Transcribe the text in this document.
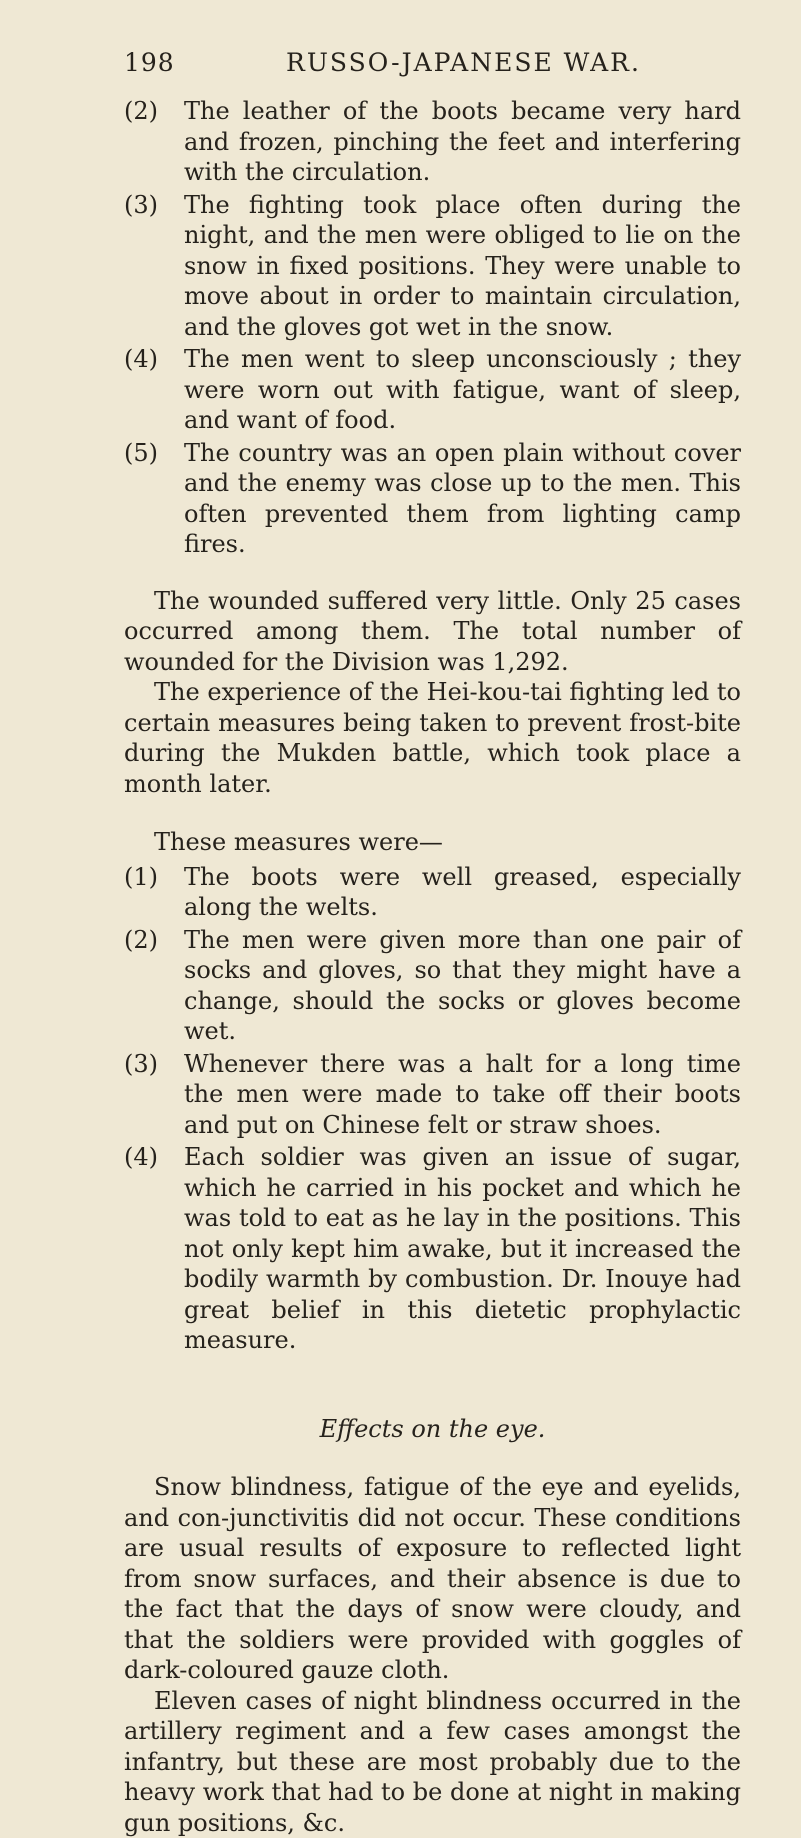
198	RUSSO-JAPANESE WAR.

(2) The leather of the boots became very hard and frozen, pinching the feet and interfering with the circulation.

(3) The fighting took place often during the night, and the men were obliged to lie on the snow in fixed positions. They were unable to move about in order to maintain circulation, and the gloves got wet in the snow.

(4) The men went to sleep unconsciously ; they were worn out with fatigue, want of sleep, and want of food.

(5) The country was an open plain without cover and the enemy was close up to the men. This often prevented them from lighting camp fires.

The wounded suffered very little. Only 25 cases occurred among them. The total number of wounded for the Division was 1,292.

The experience of the Hei-kou-tai fighting led to certain measures being taken to prevent frost-bite during the Mukden battle, which took place a month later.

These measures were—

(1) The boots were well greased, especially along the welts.

(2) The men were given more than one pair of socks and gloves, so that they might have a change, should the socks or gloves become wet.

(3) Whenever there was a halt for a long time the men were made to take off their boots and put on Chinese felt or straw shoes.

(4) Each soldier was given an issue of sugar, which he carried in his pocket and which he was told to eat as he lay in the positions. This not only kept him awake, but it increased the bodily warmth by combustion. Dr. Inouye had great belief in this dietetic prophylactic measure.

Effects on the eye.

Snow blindness, fatigue of the eye and eyelids, and con-junctivitis did not occur. These conditions are usual results of exposure to reflected light from snow surfaces, and their absence is due to the fact that the days of snow were cloudy, and that the soldiers were provided with goggles of dark-coloured gauze cloth.

Eleven cases of night blindness occurred in the artillery regiment and a few cases amongst the infantry, but these are most probably due to the heavy work that had to be done at night in making gun positions, &c.
